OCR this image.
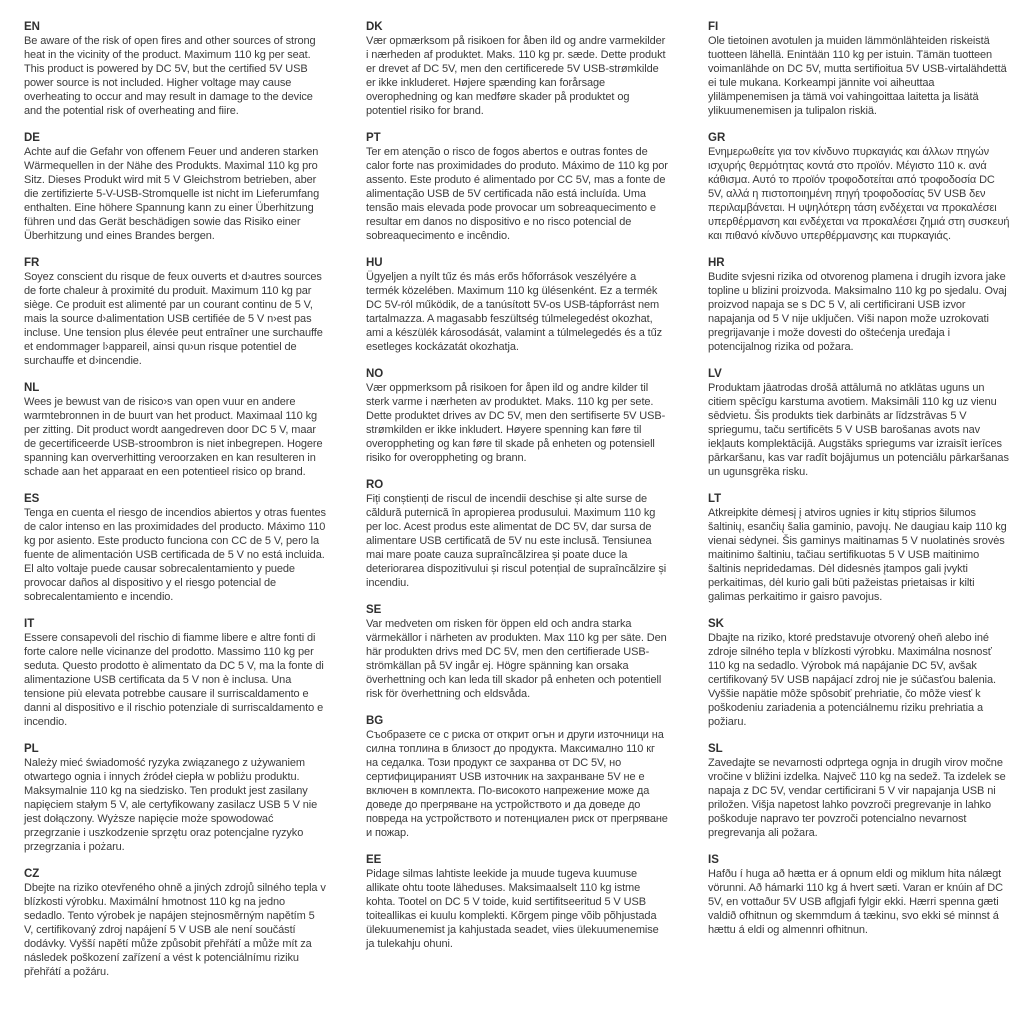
EN

Be aware of the risk of open fires and other sources of strong heat in the vicinity of the product. Maximum 110 kg per seat. This product is powered by DC 5V, but the certified 5V USB power source is not included. Higher voltage may cause overheating to occur and may result in damage to the device and the potential risk of overheating and fiire.

DE

Achte auf die Gefahr von offenem Feuer und anderen starken Wärmequellen in der Nähe des Produkts. Maximal 110 kg pro Sitz. Dieses Produkt wird mit 5 V Gleichstrom betrieben, aber die zertifizierte 5-V-USB-Stromquelle ist nicht im Lieferumfang enthalten. Eine höhere Spannung kann zu einer Überhitzung führen und das Gerät beschädigen sowie das Risiko einer Überhitzung und eines Brandes bergen.

FR

Soyez conscient du risque de feux ouverts et d›autres sources de forte chaleur à proximité du produit. Maximum 110 kg par siège. Ce produit est alimenté par un courant continu de 5 V, mais la source d›alimentation USB certifiée de 5 V n›est pas incluse. Une tension plus élevée peut entraîner une surchauffe et endommager l›appareil, ainsi qu›un risque potentiel de surchauffe et d›incendie.

NL

Wees je bewust van de risico›s van open vuur en andere warmtebronnen in de buurt van het product. Maximaal 110 kg per zitting. Dit product wordt aangedreven door DC 5 V, maar de gecertificeerde USB-stroombron is niet inbegrepen. Hogere spanning kan oververhitting veroorzaken en kan resulteren in schade aan het apparaat en een potentieel risico op brand.

ES

Tenga en cuenta el riesgo de incendios abiertos y otras fuentes de calor intenso en las proximidades del producto. Máximo 110 kg por asiento. Este producto funciona con CC de 5 V, pero la fuente de alimentación USB certificada de 5 V no está incluida. El alto voltaje puede causar sobrecalentamiento y puede provocar daños al dispositivo y el riesgo potencial de sobrecalentamiento e incendio.

IT

Essere consapevoli del rischio di fiamme libere e altre fonti di forte calore nelle vicinanze del prodotto. Massimo 110 kg per seduta. Questo prodotto è alimentato da DC 5 V, ma la fonte di alimentazione USB certificata da 5 V non è inclusa. Una tensione più elevata potrebbe causare il surriscaldamento e danni al dispositivo e il rischio potenziale di surriscaldamento e incendio.

PL

Należy mieć świadomość ryzyka związanego z używaniem otwartego ognia i innych źródeł ciepła w pobliżu produktu. Maksymalnie 110 kg na siedzisko. Ten produkt jest zasilany napięciem stałym 5 V, ale certyfikowany zasilacz USB 5 V nie jest dołączony. Wyższe napięcie może spowodować przegrzanie i uszkodzenie sprzętu oraz potencjalne ryzyko przegrzania i pożaru.

CZ

Dbejte na riziko otevřeného ohně a jiných zdrojů silného tepla v blízkosti výrobku. Maximální hmotnost 110 kg na jedno sedadlo. Tento výrobek je napájen stejnosměrným napětím 5 V, certifikovaný zdroj napájení 5 V USB ale není součástí dodávky. Vyšší napětí může způsobit přehřátí a může mít za následek poškození zařízení a vést k potenciálnímu riziku přehřátí a požáru.

DK

Vær opmærksom på risikoen for åben ild og andre varmekilder i nærheden af produktet. Maks. 110 kg pr. sæde. Dette produkt er drevet af DC 5V, men den certificerede 5V USB-strømkilde er ikke inkluderet. Højere spænding kan forårsage overophedning og kan medføre skader på produktet og potentiel risiko for brand.

PT

Ter em atenção o risco de fogos abertos e outras fontes de calor forte nas proximidades do produto. Máximo de 110 kg por assento. Este produto é alimentado por CC 5V, mas a fonte de alimentação USB de 5V certificada não está incluída. Uma tensão mais elevada pode provocar um sobreaquecimento e resultar em danos no dispositivo e no risco potencial de sobreaquecimento e incêndio.

HU

Ügyeljen a nyílt tűz és más erős hőforrások veszélyére a termék közelében. Maximum 110 kg ülésenként. Ez a termék DC 5V-ról működik, de a tanúsított 5V-os USB-tápforrást nem tartalmazza. A magasabb feszültség túlmelegedést okozhat, ami a készülék károsodását, valamint a túlmelegedés és a tűz esetleges kockázatát okozhatja.

NO

Vær oppmerksom på risikoen for åpen ild og andre kilder til sterk varme i nærheten av produktet. Maks. 110 kg per sete. Dette produktet drives av DC 5V, men den sertifiserte 5V USB-strømkilden er ikke inkludert. Høyere spenning kan føre til overoppheting og kan føre til skade på enheten og potensiell risiko for overoppheting og brann.

RO

Fiți conștienți de riscul de incendii deschise și alte surse de căldură puternică în apropierea produsului. Maximum 110 kg per loc. Acest produs este alimentat de DC 5V, dar sursa de alimentare USB certificată de 5V nu este inclusă. Tensiunea mai mare poate cauza supraîncălzirea și poate duce la deteriorarea dispozitivului și riscul potențial de supraîncălzire și incendiu.

SE

Var medveten om risken för öppen eld och andra starka värmekällor i närheten av produkten. Max 110 kg per säte. Den här produkten drivs med DC 5V, men den certifierade USB-strömkällan på 5V ingår ej. Högre spänning kan orsaka överhettning och kan leda till skador på enheten och potentiell risk för överhettning och eldsvåda.

BG

Съобразете се с риска от открит огън и други източници на силна топлина в близост до продукта. Максимално 110 кг на седалка. Този продукт се захранва от DC 5V, но сертифицираният USB източник на захранване 5V не е включен в комплекта. По-високото напрежение може да доведе до прегряване на устройството и да доведе до повреда на устройството и потенциален риск от прегряване и пожар.

EE

Pidage silmas lahtiste leekide ja muude tugeva kuumuse allikate ohtu toote läheduses. Maksimaalselt 110 kg istme kohta. Tootel on DC 5 V toide, kuid sertifitseeritud 5 V USB toiteallikas ei kuulu komplekti. Kõrgem pinge võib põhjustada ülekuumenemist ja kahjustada seadet, viies ülekuumenemise ja tulekahju ohuni.

FI

Ole tietoinen avotulen ja muiden lämmönlähteiden riskeistä tuotteen lähellä. Enintään 110 kg per istuin. Tämän tuotteen voimanlähde on DC 5V, mutta sertifioitua 5V USB-virtalähdettä ei tule mukana. Korkeampi jännite voi aiheuttaa ylilämpenemisen ja tämä voi vahingoittaa laitetta ja lisätä ylikuumenemisen ja tulipalon riskiä.

GR

Ενημερωθείτε για τον κίνδυνο πυρκαγιάς και άλλων πηγών ισχυρής θερμότητας κοντά στο προϊόν. Μέγιστο 110 κ. ανά κάθισμα. Αυτό το προϊόν τροφοδοτείται από τροφοδοσία DC 5V, αλλά η πιστοποιημένη πηγή τροφοδοσίας 5V USB δεν περιλαμβάνεται. Η υψηλότερη τάση ενδέχεται να προκαλέσει υπερθέρμανση και ενδέχεται να προκαλέσει ζημιά στη συσκευή και πιθανό κίνδυνο υπερθέρμανσης και πυρκαγιάς.

HR

Budite svjesni rizika od otvorenog plamena i drugih izvora jake topline u blizini proizvoda. Maksimalno 110 kg po sjedalu. Ovaj proizvod napaja se s DC 5 V, ali certificirani USB izvor napajanja od 5 V nije uključen. Viši napon može uzrokovati pregrijavanje i može dovesti do oštećenja uređaja i potencijalnog rizika od požara.

LV

Produktam jāatrodas drošā attālumā no atklātas uguns un citiem spēcīgu karstuma avotiem. Maksimāli 110 kg uz vienu sēdvietu. Šis produkts tiek darbināts ar līdzstrāvas 5 V spriegumu, taču sertificēts 5 V USB barošanas avots nav iekļauts komplektācijā. Augstāks spriegums var izraisīt ierīces pārkaršanu, kas var radīt bojājumus un potenciālu pārkaršanas un ugunsgrēka risku.

LT

Atkreipkite dėmesį į atviros ugnies ir kitų stiprios šilumos šaltinių, esančių šalia gaminio, pavojų. Ne daugiau kaip 110 kg vienai sėdynei. Šis gaminys maitinamas 5 V nuolatinės srovės maitinimo šaltiniu, tačiau sertifikuotas 5 V USB maitinimo šaltinis nepridedamas. Dėl didesnės įtampos gali įvykti perkaitimas, dėl kurio gali būti pažeistas prietaisas ir kilti galimas perkaitimo ir gaisro pavojus.

SK

Dbajte na riziko, ktoré predstavuje otvorený oheň alebo iné zdroje silného tepla v blízkosti výrobku. Maximálna nosnosť 110 kg na sedadlo. Výrobok má napájanie DC 5V, avšak certifikovaný 5V USB napájací zdroj nie je súčasťou balenia. Vyššie napätie môže spôsobiť prehriatie, čo môže viesť k poškodeniu zariadenia a potenciálnemu riziku prehriatia a požiaru.

SL

Zavedajte se nevarnosti odprtega ognja in drugih virov močne vročine v bližini izdelka. Največ 110 kg na sedež. Ta izdelek se napaja z DC 5V, vendar certificirani 5 V vir napajanja USB ni priložen. Višja napetost lahko povzroči pregrevanje in lahko poškoduje napravo ter povzroči potencialno nevarnost pregrevanja ali požara.

IS

Hafðu í huga að hætta er á opnum eldi og miklum hita nálægt vörunni. Að hámarki 110 kg á hvert sæti. Varan er knúin af DC 5V, en vottaður 5V USB aflgjafi fylgir ekki. Hærri spenna gæti valdið ofhitnun og skemmdum á tækinu, svo ekki sé minnst á hættu á eldi og almennri ofhitnun.
